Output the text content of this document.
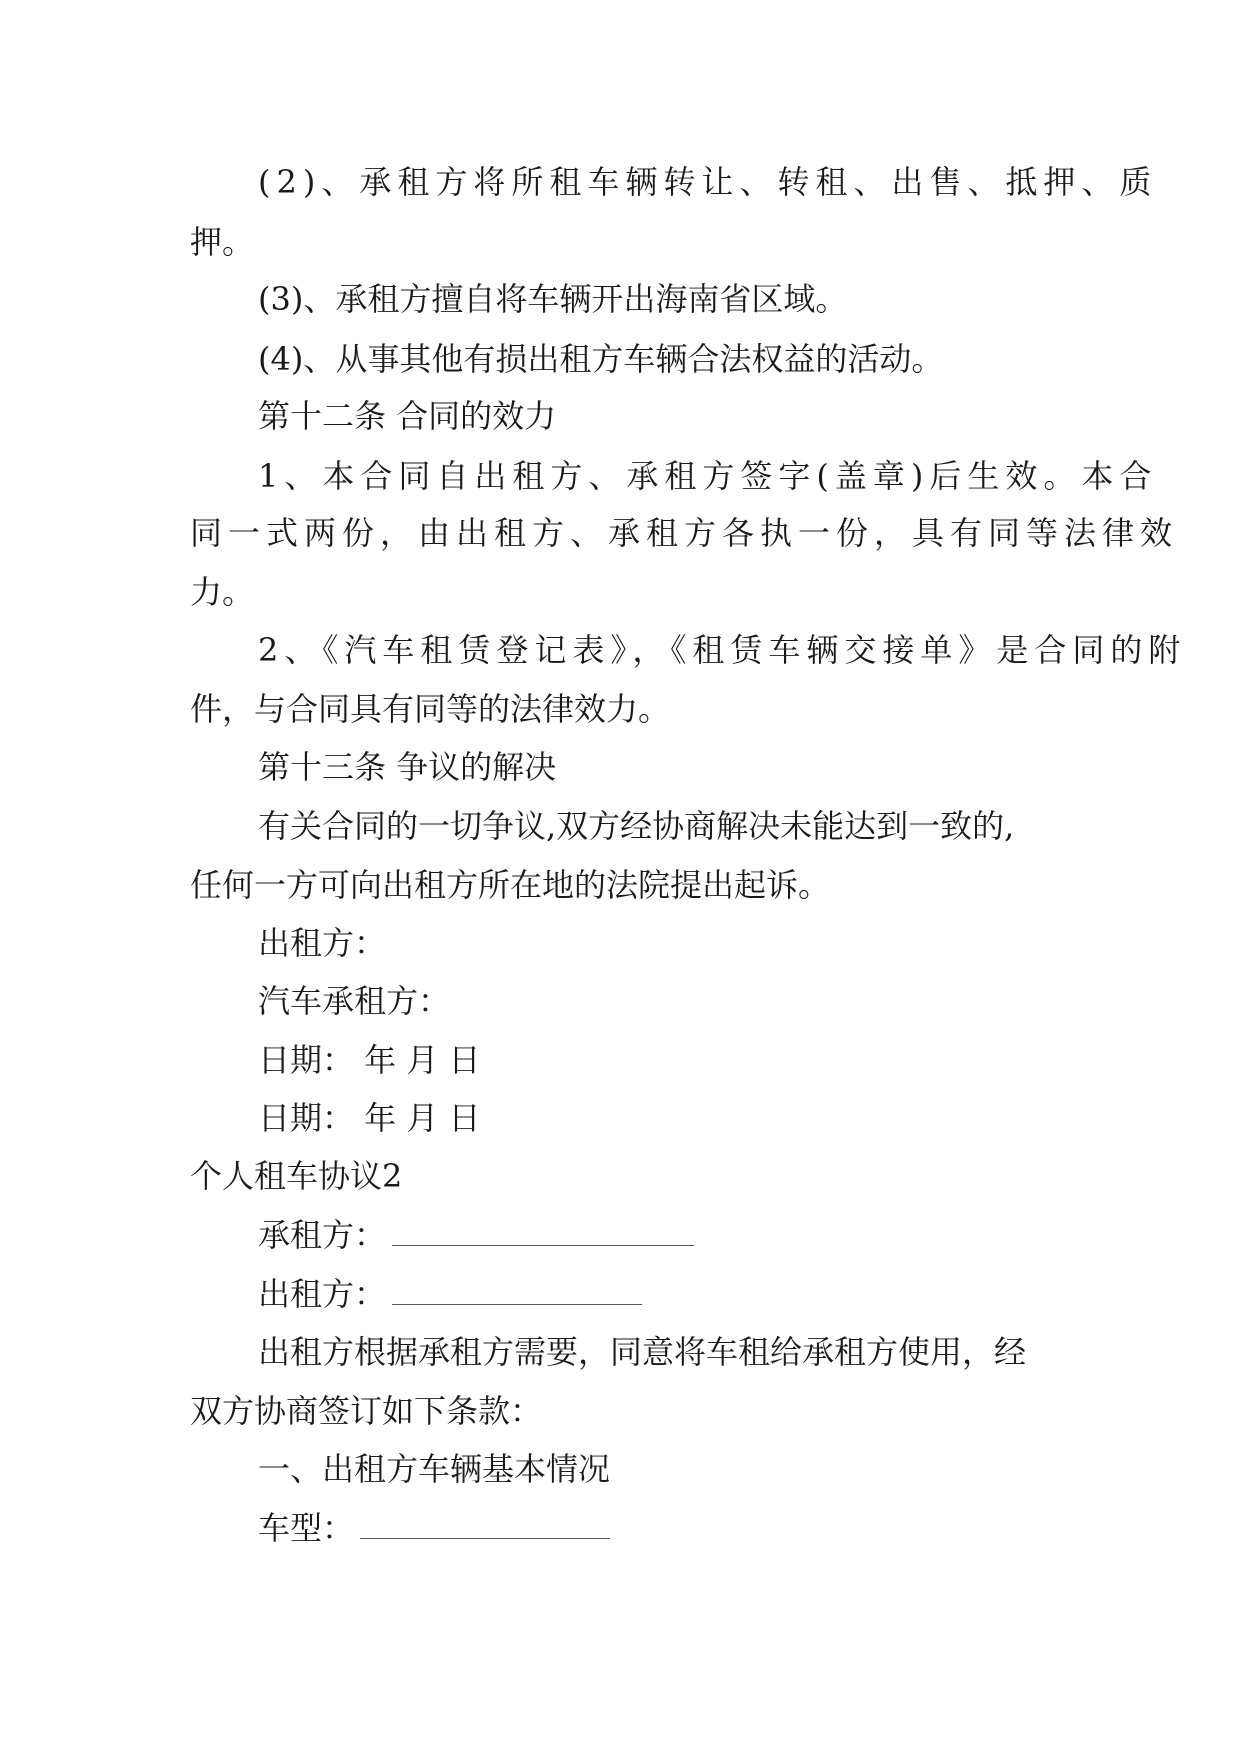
(2)、承租方将所租车辆转让、转租、出售、抵押、质
押。
(3)、承租方擅自将车辆开出海南省区域。
(4)、从事其他有损出租方车辆合法权益的活动。
第十二条 合同的效力
1、本合同自出租方、承租方签字(盖章)后生效。本合
同一式两份，由出租方、承租方各执一份，具有同等法律效
力。
2、《汽车租赁登记表》，《租赁车辆交接单》是合同的附
件，与合同具有同等的法律效力。
第十三条 争议的解决
有关合同的一切争议,双方经协商解决未能达到一致的,
任何一方可向出租方所在地的法院提出起诉。
出租方：
汽车承租方：
日期： 年 月 日
日期： 年 月 日
个人租车协议2
承租方：
出租方：
出租方根据承租方需要，同意将车租给承租方使用，经
双方协商签订如下条款：
一、出租方车辆基本情况
车型：
